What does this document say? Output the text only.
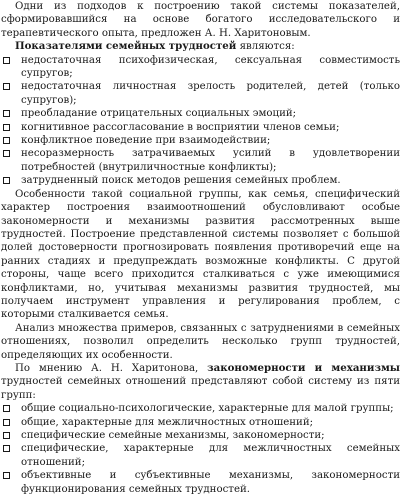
Одни из подходов к построению такой системы показателей, сформировавшийся на основе богатого исследовательского и терапевтического опыта, предложен А. Н. Харитоновым.

Показателями семейных трудностей являются:

недостаточная психофизическая, сексуальная совместимость супругов;
недостаточная личностная зрелость родителей, детей (только супругов);
преобладание отрицательных социальных эмоций;
когнитивное рассогласование в восприятии членов семьи;
конфликтное поведение при взаимодействии;
несоразмерность затрачиваемых усилий в удовлетворении потребностей (внутриличностные конфликты);
затрудненный поиск методов решения семейных проблем.

Особенности такой социальной группы, как семья, специфический характер построения взаимоотношений обусловливают особые закономерности и механизмы развития рассмотренных выше трудностей. Построение представленной системы позволяет с большой долей достоверности прогнозировать появления противоречий еще на ранних стадиях и предупреждать возможные конфликты. С другой стороны, чаще всего приходится сталкиваться с уже имеющимися конфликтами, но, учитывая механизмы развития трудностей, мы получаем инструмент управления и регулирования проблем, с которыми сталкивается семья.

Анализ множества примеров, связанных с затруднениями в семейных отношениях, позволил определить несколько групп трудностей, определяющих их особенности.

По мнению А. Н. Харитонова, закономерности и механизмы трудностей семейных отношений представляют собой систему из пяти групп:

общие социально-психологические, характерные для малой группы;
общие, характерные для межличностных отношений;
специфические семейные механизмы, закономерности;
специфические, характерные для межличностных семейных отношений;
объективные и субъективные механизмы, закономерности функционирования семейных трудностей.
